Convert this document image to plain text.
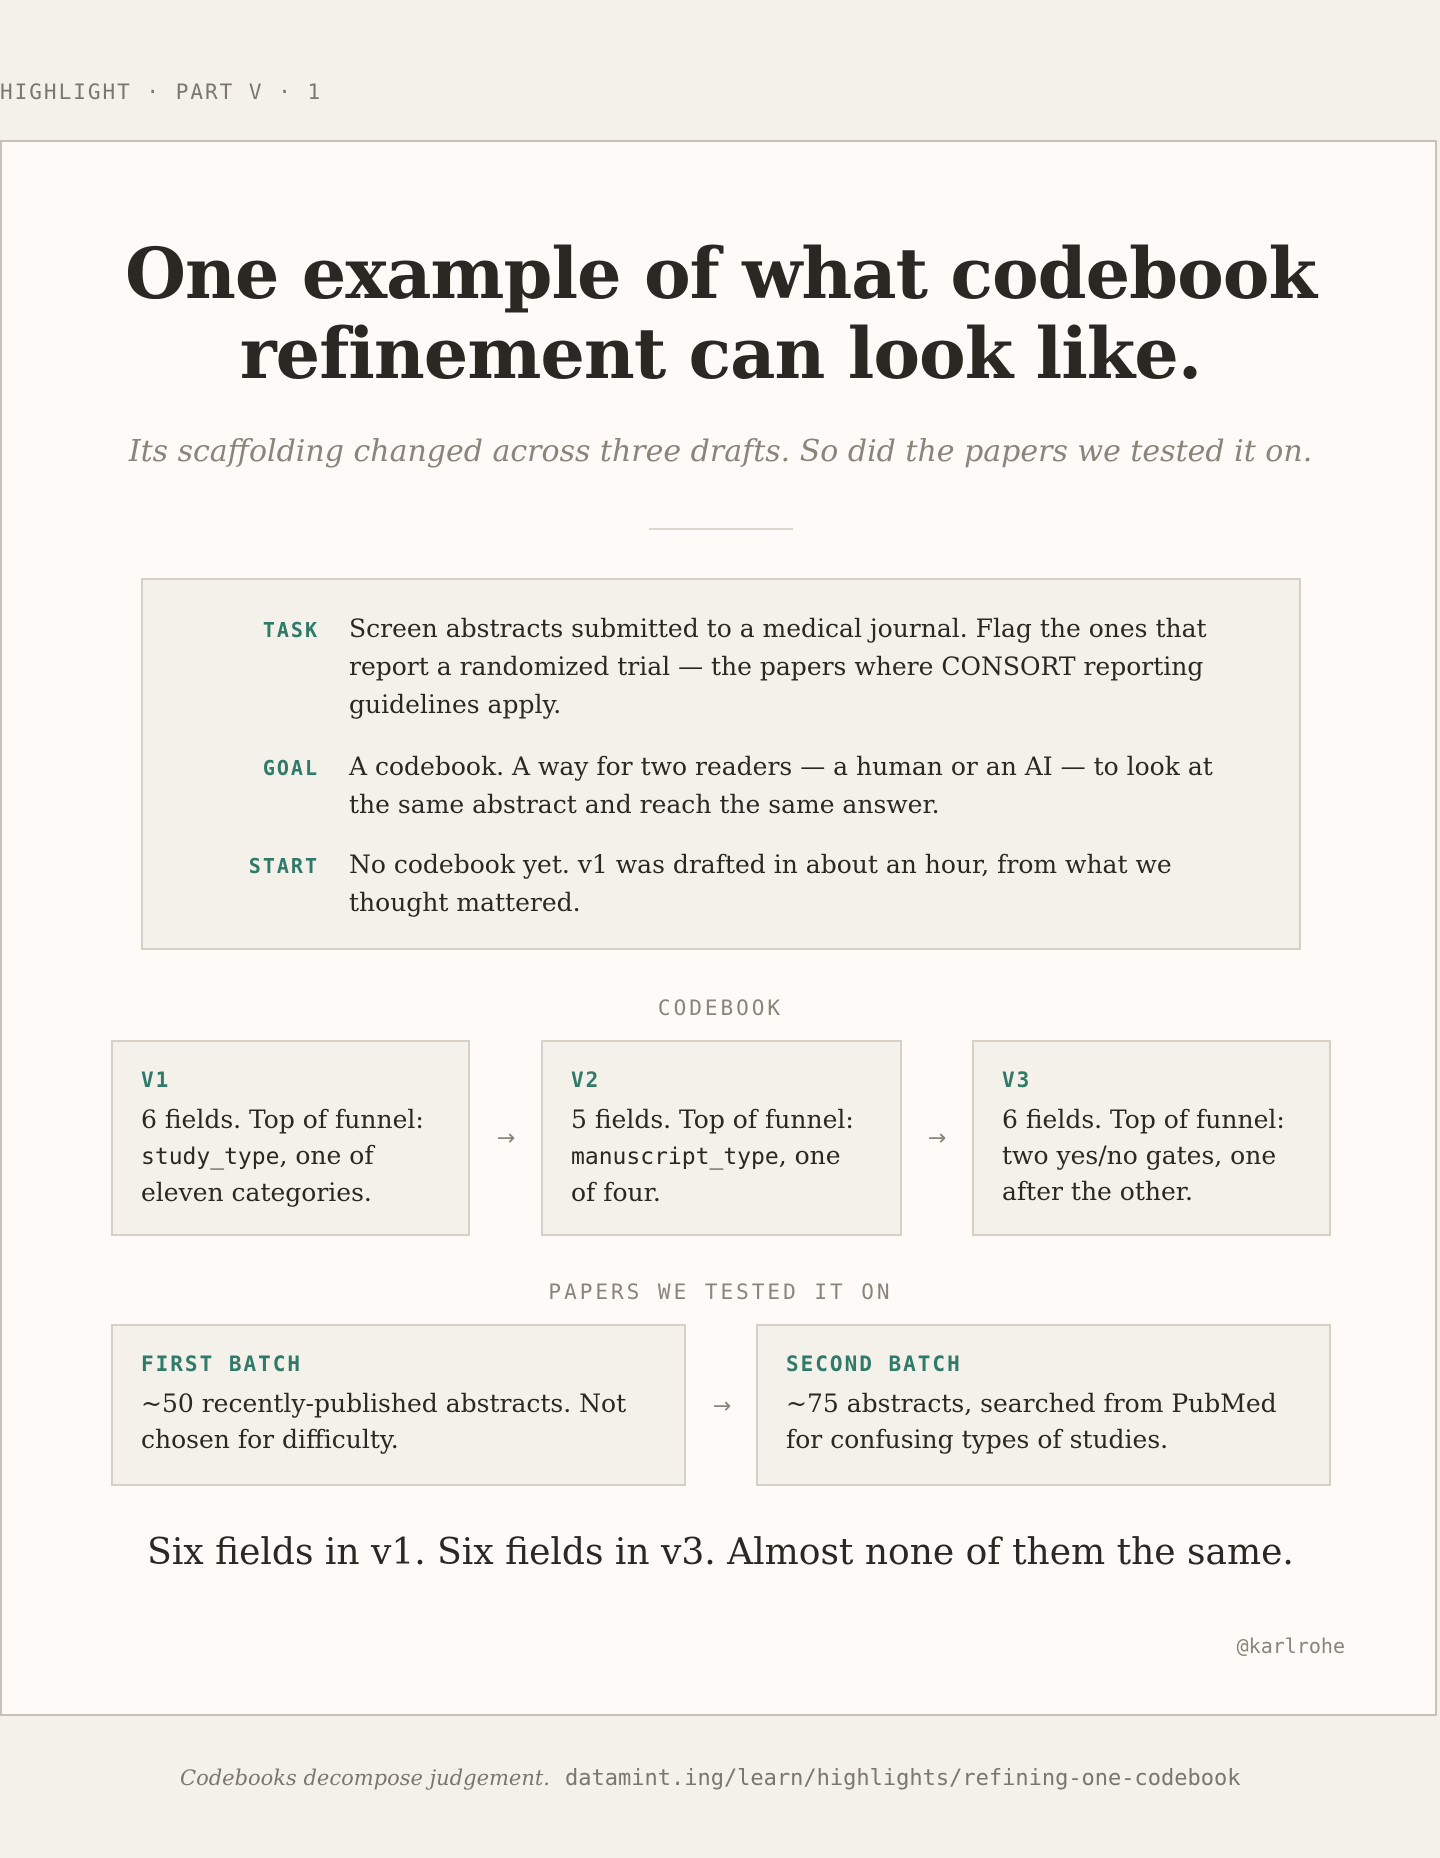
HIGHLIGHT · PART V · 1
One example of what codebook
refinement can look like.

Its scaffolding changed across three drafts. So did the papers we tested it on.

TASK Screen abstracts submitted to a medical journal. Flag the ones that report a randomized trial — the papers where CONSORT reporting guidelines apply.
GOAL A codebook. A way for two readers — a human or an AI — to look at the same abstract and reach the same answer.
START No codebook yet. v1 was drafted in about an hour, from what we thought mattered.
CODEBOOK
V1
6 fields. Top of funnel:
study_type, one of eleven categories.
→
V2
5 fields. Top of funnel:
manuscript_type, one of four.
→
V3
6 fields. Top of funnel: two yes/no gates, one after the other.
PAPERS WE TESTED IT ON
FIRST BATCH
~50 recently-published abstracts. Not chosen for difficulty.
→
SECOND BATCH
~75 abstracts, searched from PubMed for confusing types of studies.

Six fields in v1. Six fields in v3. Almost none of them the same.

@karlrohe
Codebooks decompose judgement. datamint.ing/learn/highlights/refining-one-codebook
